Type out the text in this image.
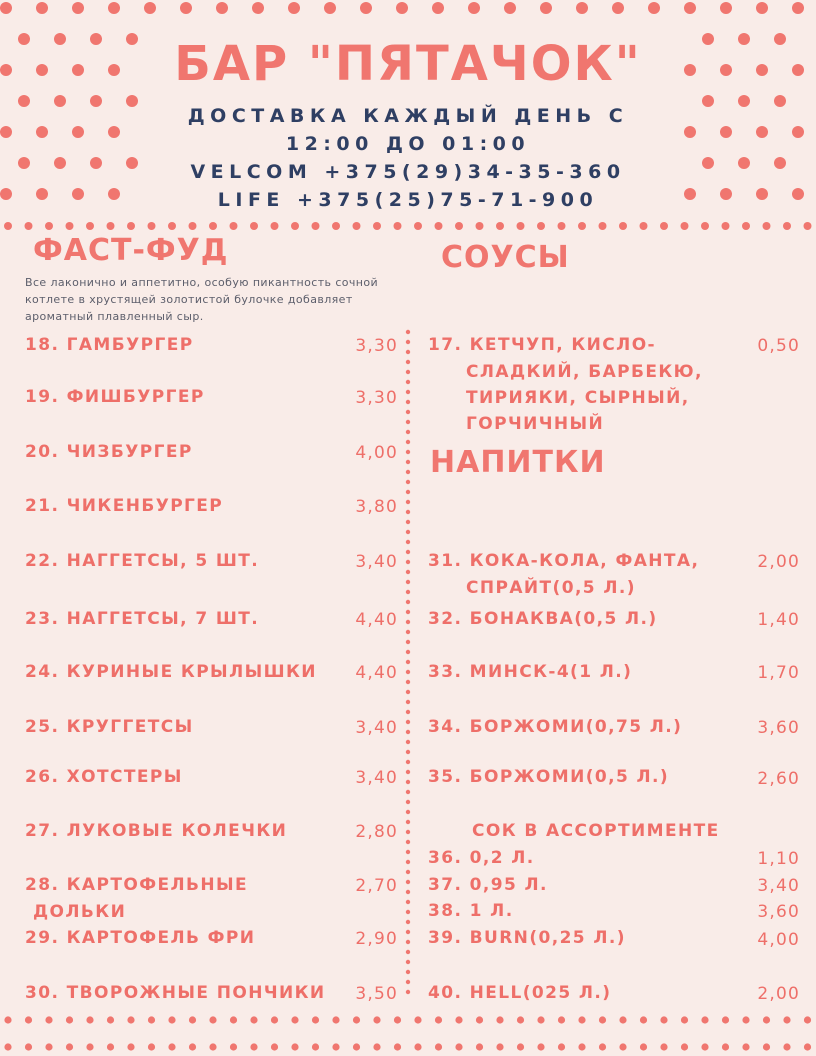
БАР "ПЯТАЧОК"
ДОСТАВКА КАЖДЫЙ ДЕНЬ С
12:00 ДО 01:00
VELCOM +375(29)34-35-360
LIFE +375(25)75-71-900
ФАСТ-ФУД
Все лаконично и аппетитно, особую пикантность сочной котлете в хрустящей золотистой булочке добавляет ароматный плавленный сыр.
18. ГАМБУРГЕР	3,30
19. ФИШБУРГЕР	3,30
20. ЧИЗБУРГЕР	4,00
21. ЧИКЕНБУРГЕР	3,80
22. НАГГЕТСЫ, 5 ШТ.	3,40
23. НАГГЕТСЫ, 7 ШТ.	4,40
24. КУРИНЫЕ КРЫЛЫШКИ	4,40
25. КРУГГЕТСЫ	3,40
26. ХОТСТЕРЫ	3,40
27. ЛУКОВЫЕ КОЛЕЧКИ	2,80
28. КАРТОФЕЛЬНЫЕ
ДОЛЬКИ
2,70
29. КАРТОФЕЛЬ ФРИ	2,90
30. ТВОРОЖНЫЕ ПОНЧИКИ	3,50
СОУСЫ
17. КЕТЧУП, КИСЛО-
СЛАДКИЙ, БАРБЕКЮ,
ТИРИЯКИ, СЫРНЫЙ,
ГОРЧИЧНЫЙ
0,50
НАПИТКИ
31. КОКА-КОЛА, ФАНТА,
СПРАЙТ(0,5 Л.)
2,00
32. БОНАКВА(0,5 Л.)	1,40
33. МИНСК-4(1 Л.)	1,70
34. БОРЖОМИ(0,75 Л.)	3,60
35. БОРЖОМИ(0,5 Л.)	2,60
СОК В АССОРТИМЕНТЕ
36. 0,2 Л.	1,10
37. 0,95 Л.	3,40
38. 1 Л.	3,60
39. BURN(0,25 Л.)	4,00
40. HELL(025 Л.)	2,00
